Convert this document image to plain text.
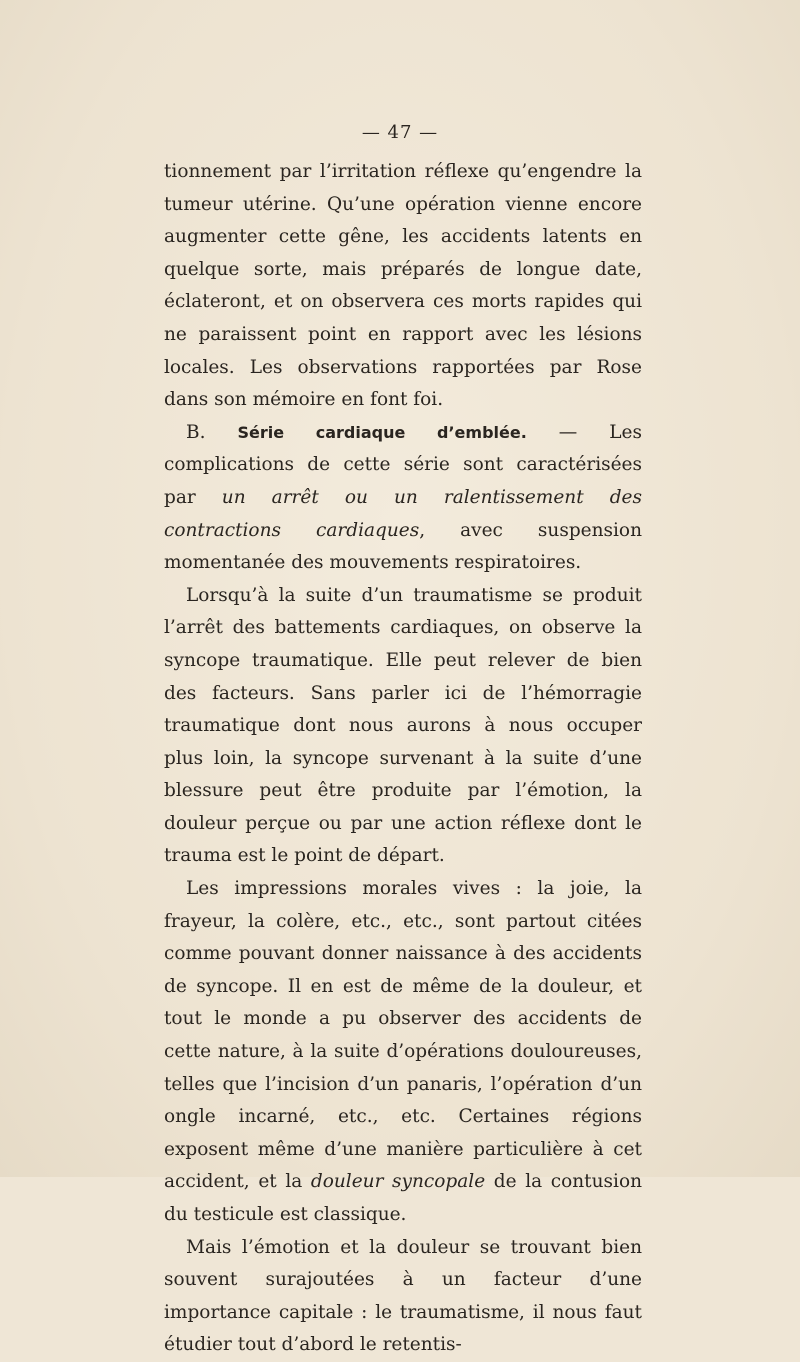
— 47 —

tionnement par l’irritation réflexe qu’engendre la tumeur utérine. Qu’une opération vienne encore augmenter cette gêne, les accidents latents en quelque sorte, mais préparés de longue date, éclateront, et on observera ces morts rapides qui ne paraissent point en rapport avec les lésions locales. Les observations rapportées par Rose dans son mémoire en font foi.

B. Série cardiaque d’emblée. — Les complications de cette série sont caractérisées par un arrêt ou un ralentissement des contractions cardiaques, avec suspension momentanée des mouvements respiratoires.

Lorsqu’à la suite d’un traumatisme se produit l’arrêt des battements cardiaques, on observe la syncope traumatique. Elle peut relever de bien des facteurs. Sans parler ici de l’hémorragie traumatique dont nous aurons à nous occuper plus loin, la syncope survenant à la suite d’une blessure peut être produite par l’émotion, la douleur perçue ou par une action réflexe dont le trauma est le point de départ.

Les impressions morales vives : la joie, la frayeur, la colère, etc., etc., sont partout citées comme pouvant donner naissance à des accidents de syncope. Il en est de même de la douleur, et tout le monde a pu observer des accidents de cette nature, à la suite d’opérations douloureuses, telles que l’incision d’un panaris, l’opération d’un ongle incarné, etc., etc. Certaines régions exposent même d’une manière particulière à cet accident, et la douleur syncopale de la contusion du testicule est classique.

Mais l’émotion et la douleur se trouvant bien souvent surajoutées à un facteur d’une importance capitale : le traumatisme, il nous faut étudier tout d’abord le retentis-
